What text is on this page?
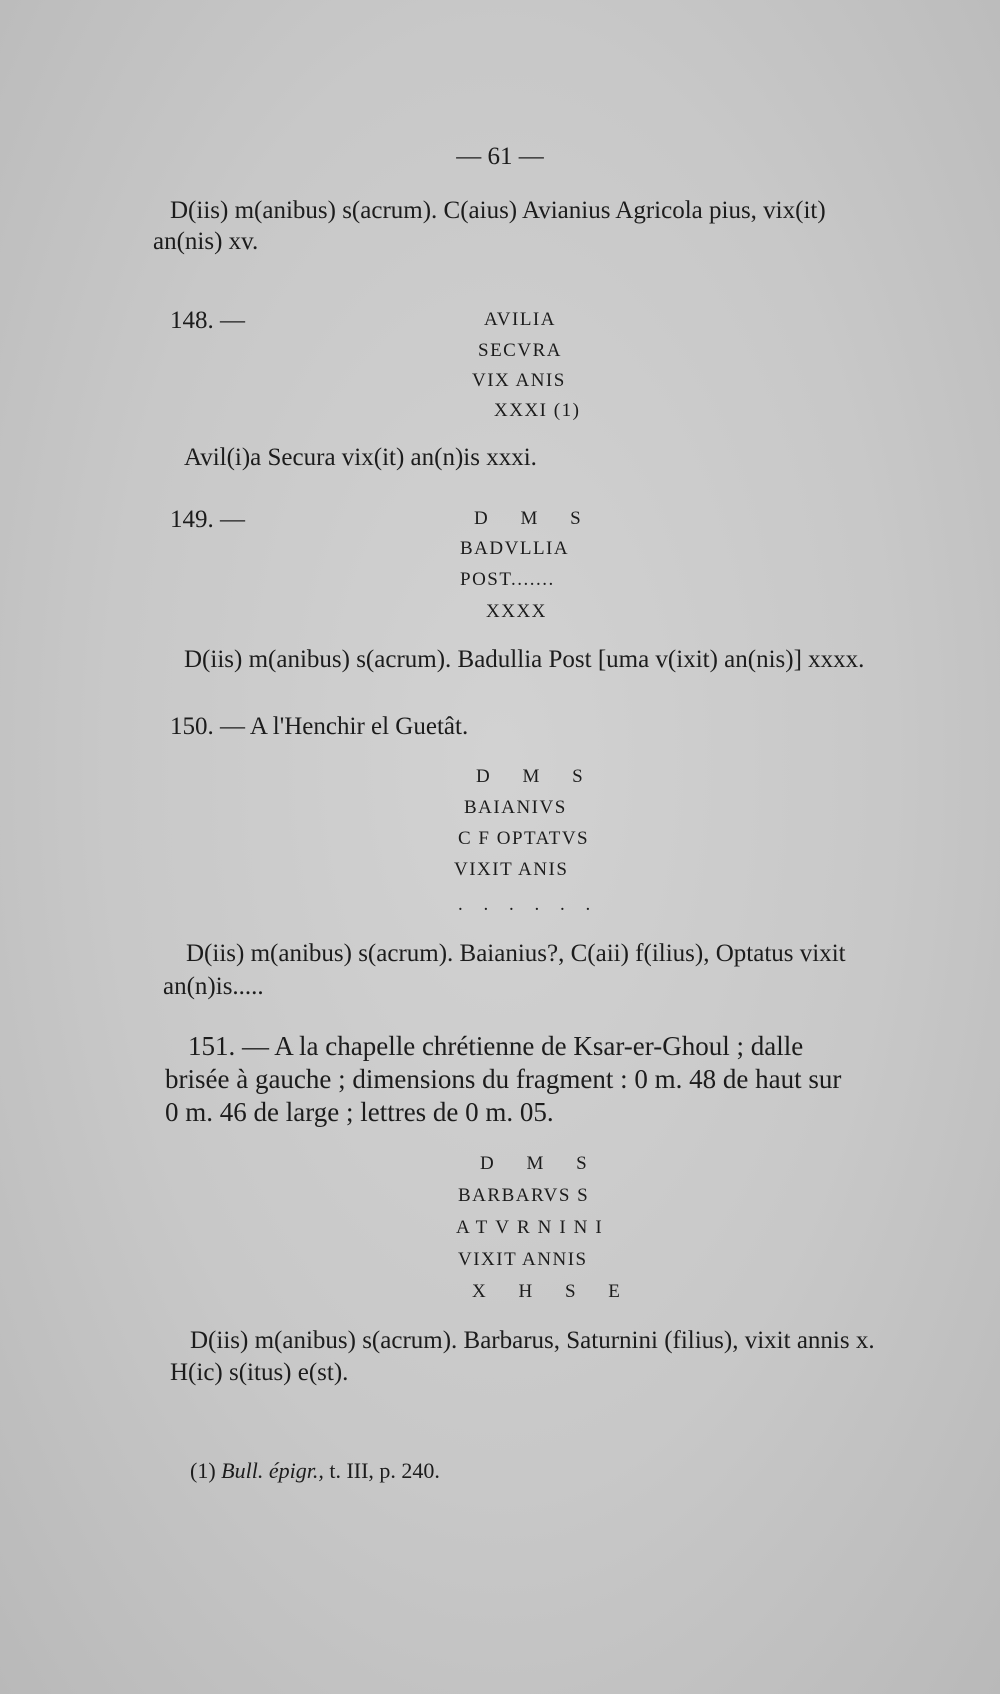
— 61 —
D(iis) m(anibus) s(acrum). C(aius) Avianius Agricola pius, vix(it)
an(nis) xv.
148. —	AVILIA
SECVRA
VIX ANIS
XXXI (1)
Avil(i)a Secura vix(it) an(n)is xxxi.
149. —	D M S
BADVLLIA
POST.......
XXXX
D(iis) m(anibus) s(acrum). Badullia Post [uma v(ixit) an(nis)] xxxx.
150. — A l'Henchir el Guetât.
D M S
BAIANIVS
C F OPTATVS
VIXIT ANIS
. . . . . .
D(iis) m(anibus) s(acrum). Baianius?, C(aii) f(ilius), Optatus vixit
an(n)is.....
151. — A la chapelle chrétienne de Ksar-er-Ghoul ; dalle
brisée à gauche ; dimensions du fragment : 0 m. 48 de haut sur
0 m. 46 de large ; lettres de 0 m. 05.
D M S
BARBARVS S
ATVRNINI
VIXIT ANNIS
X H S E
D(iis) m(anibus) s(acrum). Barbarus, Saturnini (filius), vixit annis x.
H(ic) s(itus) e(st).
(1) Bull. épigr., t. III, p. 240.
